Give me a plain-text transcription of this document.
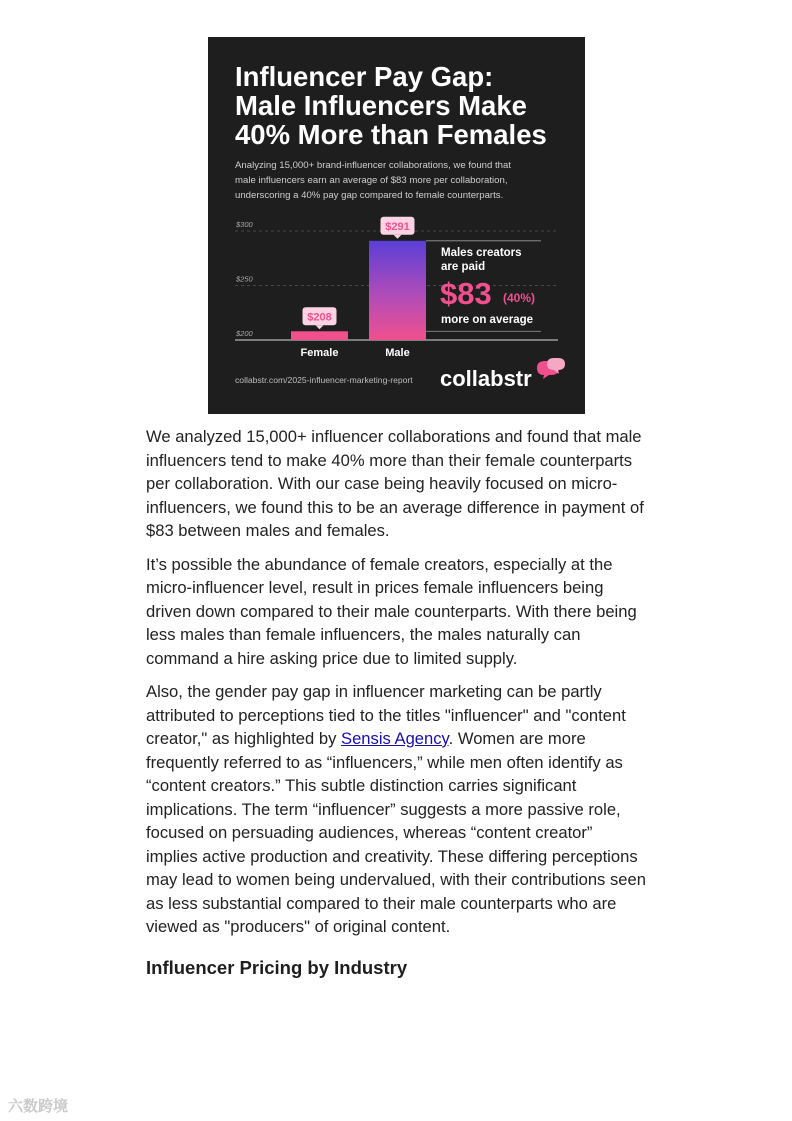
Influencer Pay Gap:
Male Influencers Make
40% More than Females
Analyzing 15,000+ brand-influencer collaborations, we found that
male influencers earn an average of $83 more per collaboration,
underscoring a 40% pay gap compared to female counterparts.
$200
$250
$300
$208
Female
$291
Male
Males creators
are paid
$83 (40%)
more on average
collabstr.com/2025-influencer-marketing-report collabstr

We analyzed 15,000+ influencer collaborations and found that male influencers tend to make 40% more than their female counterparts per collaboration. With our case being heavily focused on micro-influencers, we found this to be an average difference in payment of $83 between males and females.

It’s possible the abundance of female creators, especially at the micro-influencer level, result in prices female influencers being driven down compared to their male counterparts. With there being less males than female influencers, the males naturally can command a hire asking price due to limited supply.

Also, the gender pay gap in influencer marketing can be partly attributed to perceptions tied to the titles "influencer" and "content creator," as highlighted by Sensis Agency. Women are more frequently referred to as “influencers,” while men often identify as “content creators.” This subtle distinction carries significant implications. The term “influencer” suggests a more passive role, focused on persuading audiences, whereas “content creator” implies active production and creativity. These differing perceptions may lead to women being undervalued, with their contributions seen as less substantial compared to their male counterparts who are viewed as "producers" of original content.

Influencer Pricing by Industry
六数跨境
